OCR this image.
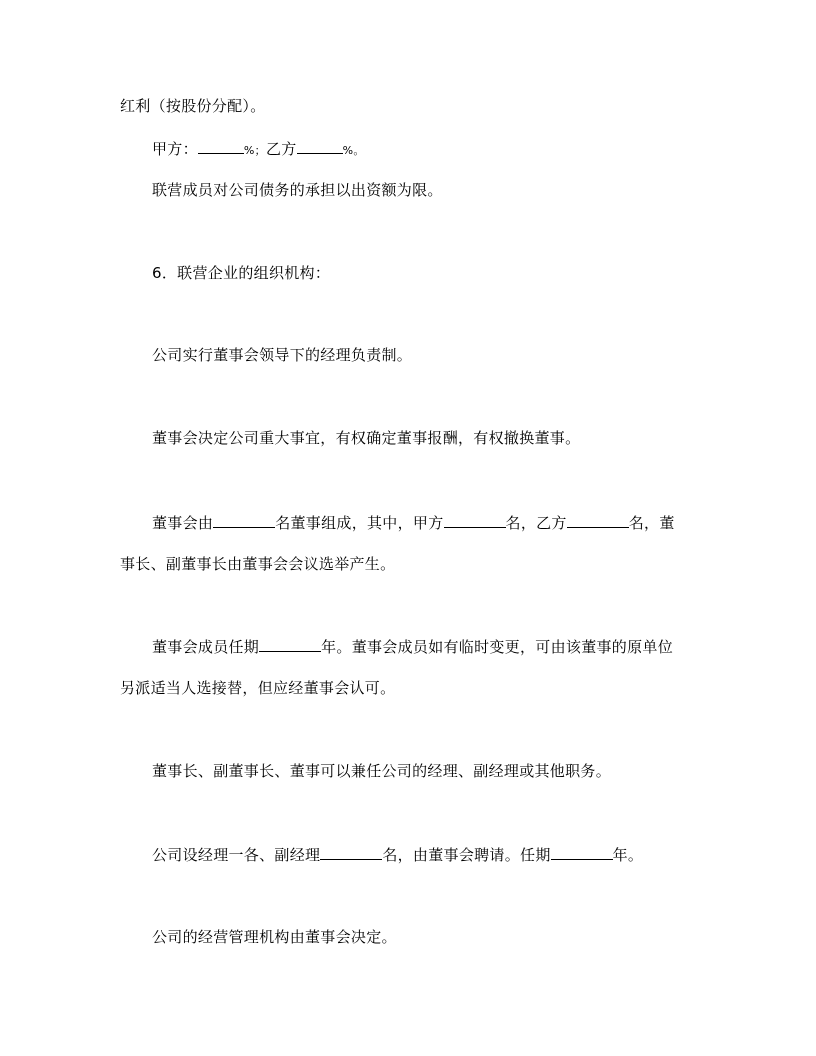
红利（按股份分配）。
甲方：	%；乙方	%。
联营成员对公司债务的承担以出资额为限。
6．联营企业的组织机构：
公司实行董事会领导下的经理负责制。
董事会决定公司重大事宜，有权确定董事报酬，有权撤换董事。
董事会由	名董事组成，其中，甲方	名，乙方	名，董
事长、副董事长由董事会会议选举产生。
董事会成员任期	年。董事会成员如有临时变更，可由该董事的原单位
另派适当人选接替，但应经董事会认可。
董事长、副董事长、董事可以兼任公司的经理、副经理或其他职务。
公司设经理一各、副经理	名，由董事会聘请。任期	年。
公司的经营管理机构由董事会决定。
